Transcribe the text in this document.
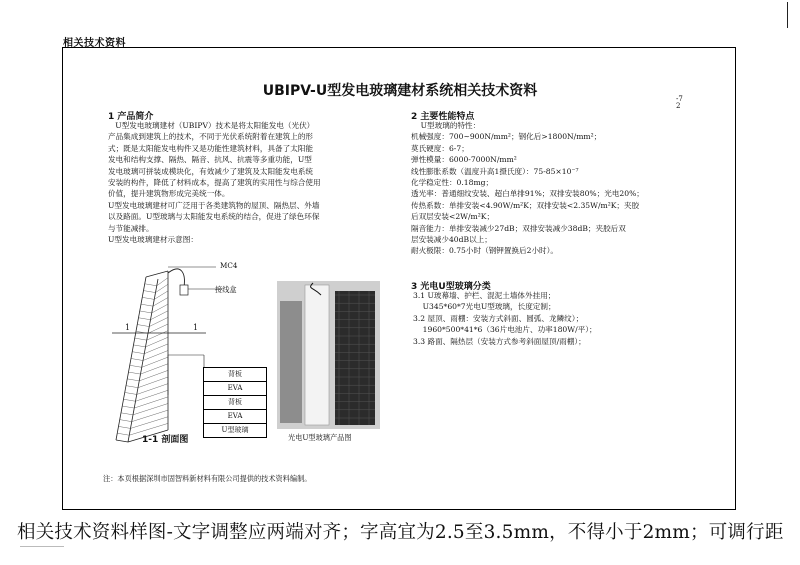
相关技术资料
UBIPV-U型发电玻璃建材系统相关技术资料	-7
2
1 产品简介
U型发电玻璃建材（UBIPV）技术是将太阳能发电（光伏）
产品集成到建筑上的技术，不同于光伏系统附着在建筑上的形
式；既是太阳能发电构件又是功能性建筑材料，具备了太阳能
发电和结构支撑、隔热、隔音、抗风、抗震等多重功能，U型
发电玻璃可拼装成模块化，有效减少了建筑及太阳能发电系统
安装的构件，降低了材料成本，提高了建筑的实用性与综合使用
价值，提升建筑物形成完美统一体。
U型发电玻璃建材可广泛用于各类建筑物的屋顶、隔热层、外墙
以及路面。U型玻璃与太阳能发电系统的结合，促进了绿色环保
与节能减排。
U型发电玻璃建材示意图：
2 主要性能特点
U型玻璃的特性：
机械强度：700~900N/mm²；钢化后>1800N/mm²；
莫氏硬度：6-7；
弹性模量：6000-7000N/mm²
线性膨胀系数（温度升高1摄氏度）：75-85×10⁻⁷
化学稳定性：0.18mg；
透光率：普通细纹安装、超白单排91%；双排安装80%；光电20%；
传热系数：单排安装<4.90W/m²K；双排安装<2.35W/m²K；夹胶
后双层安装<2W/m²K；
隔音能力：单排安装减少27dB；双排安装减少38dB；夹胶后双
层安装减少40dB以上；
耐火极限：0.75小时（钢钾置换后2小时）。
3 光电U型玻璃分类
3.1 U玻幕墙、护栏、混泥土墙体外挂用；
U345*60*7光电U型玻璃，长度定制；
3.2 屋顶、雨棚：安装方式斜面、圆弧、龙鳞纹）；
1960*500*41*6（36片电池片、功率180W/平）；
3.3 路面、隔热层（安装方式参考斜面屋顶/雨棚）；
MC4
接线盒
1	1
背板
EVA
背板
EVA
U型玻璃
1-1 剖面图	光电U型玻璃产品图
注：本页根据深圳市固智料新材料有限公司提供的技术资料编制。
相关技术资料样图-文字调整应两端对齐；字高宜为2.5至3.5mm，不得小于2mm；可调行距
